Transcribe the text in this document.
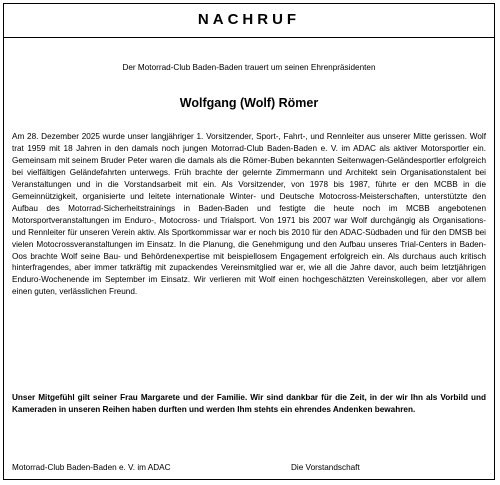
NACHRUF
Der Motorrad-Club Baden-Baden trauert um seinen Ehrenpräsidenten
Wolfgang (Wolf) Römer
Am 28. Dezember 2025 wurde unser langjähriger 1. Vorsitzender, Sport-, Fahrt-, und Rennleiter aus unserer Mitte gerissen. Wolf trat 1959 mit 18 Jahren in den damals noch jungen Motorrad-Club Baden-Baden e. V. im ADAC als aktiver Motorsportler ein. Gemeinsam mit seinem Bruder Peter waren die damals als die Römer-Buben bekannten Seitenwagen-Geländesportler erfolgreich bei vielfältigen Geländefahrten unterwegs. Früh brachte der gelernte Zimmermann und Architekt sein Organisationstalent bei Veranstaltungen und in die Vorstandsarbeit mit ein. Als Vorsitzender, von 1978 bis 1987, führte er den MCBB in die Gemeinnützigkeit, organisierte und leitete internationale Winter- und Deutsche Motocross-Meisterschaften, unterstützte den Aufbau des Motorrad-Sicherheitstrainings in Baden-Baden und festigte die heute noch im MCBB angebotenen Motorsportveranstaltungen im Enduro-, Motocross- und Trialsport. Von 1971 bis 2007 war Wolf durchgängig als Organisations- und Rennleiter für unseren Verein aktiv. Als Sportkommissar war er noch bis 2010 für den ADAC-Südbaden und für den DMSB bei vielen Motocrossveranstaltungen im Einsatz. In die Planung, die Genehmigung und den Aufbau unseres Trial-Centers in Baden-Oos brachte Wolf seine Bau- und Behördenexpertise mit beispiellosem Engagement erfolgreich ein. Als durchaus auch kritisch hinterfragendes, aber immer tatkräftig mit zupackendes Vereinsmitglied war er, wie all die Jahre davor, auch beim letztjährigen Enduro-Wochenende im September im Einsatz. Wir verlieren mit Wolf einen hochgeschätzten Vereinskollegen, aber vor allem einen guten, verlässlichen Freund.
Unser Mitgefühl gilt seiner Frau Margarete und der Familie. Wir sind dankbar für die Zeit, in der wir Ihn als Vorbild und Kameraden in unseren Reihen haben durften und werden Ihm stehts ein ehrendes Andenken bewahren.
Motorrad-Club Baden-Baden e. V. im ADAC	Die Vorstandschaft
